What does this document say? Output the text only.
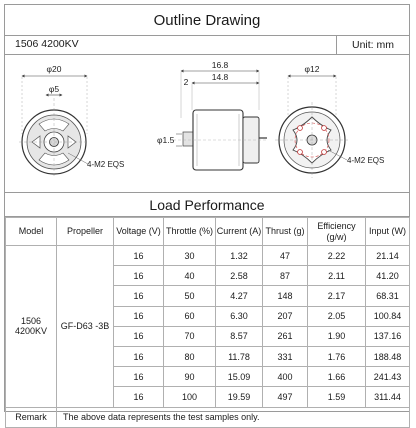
Outline Drawing
1506 4200KV	Unit: mm
φ20
φ5
4-M2 EQS
16.8
14.8
2
φ1.5
φ12
4-M2 EQS
Load Performance
Model	Propeller	Voltage (V)	Throttle (%)	Current (A)	Thrust (g)	Efficiency (g/w)	Input (W)
1506 4200KV	GF-D63 -3B	16	30	1.32	47	2.22	21.14
		16	40	2.58	87	2.11	41.20
		16	50	4.27	148	2.17	68.31
		16	60	6.30	207	2.05	100.84
		16	70	8.57	261	1.90	137.16
		16	80	11.78	331	1.76	188.48
		16	90	15.09	400	1.66	241.43
		16	100	19.59	497	1.59	311.44
Remark	The above data represents the test samples only.						
